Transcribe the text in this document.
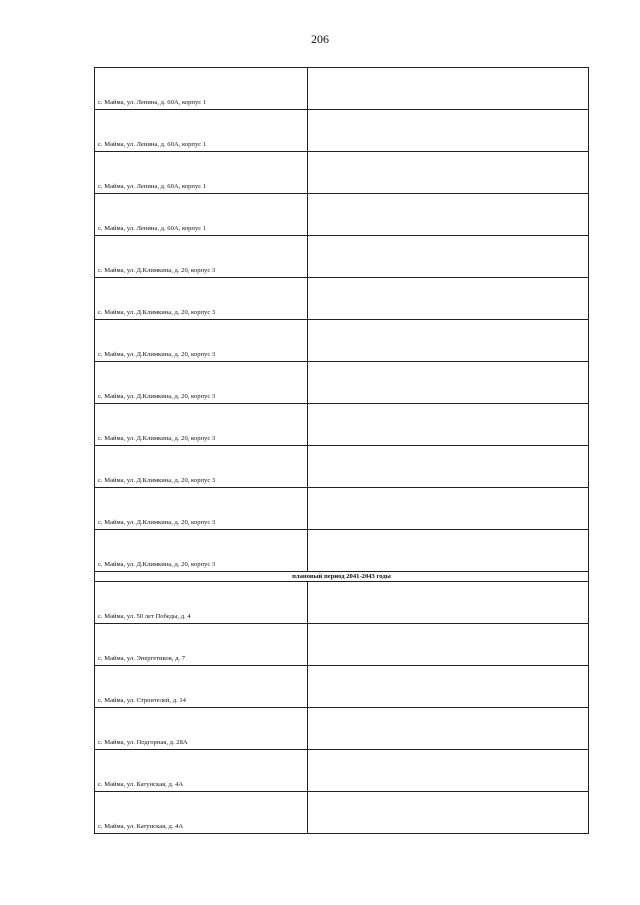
206
с. Майма, ул. Ленина, д. 60А, корпус 1	
с. Майма, ул. Ленина, д. 60А, корпус 1	
с. Майма, ул. Ленина, д. 60А, корпус 1	
с. Майма, ул. Ленина, д. 60А, корпус 1	
с. Майма, ул. Д.Климкина, д. 20, корпус 3	
с. Майма, ул. Д.Климкина, д. 20, корпус 3	
с. Майма, ул. Д.Климкина, д. 20, корпус 3	
с. Майма, ул. Д.Климкина, д. 20, корпус 3	
с. Майма, ул. Д.Климкина, д. 20, корпус 3	
с. Майма, ул. Д.Климкина, д. 20, корпус 3	
с. Майма, ул. Д.Климкина, д. 20, корпус 3	
с. Майма, ул. Д.Климкина, д. 20, корпус 3	
плановый период 2041-2043 годы	
с. Майма, ул. 50 лет Победы, д. 4	
с. Майма, ул. Энергетиков, д. 7	
с. Майма, ул. Строителей, д. 14	
с. Майма, ул. Подгорная, д. 28А	
с. Майма, ул. Катунская, д. 4А	
с. Майма, ул. Катунская, д. 4А	
